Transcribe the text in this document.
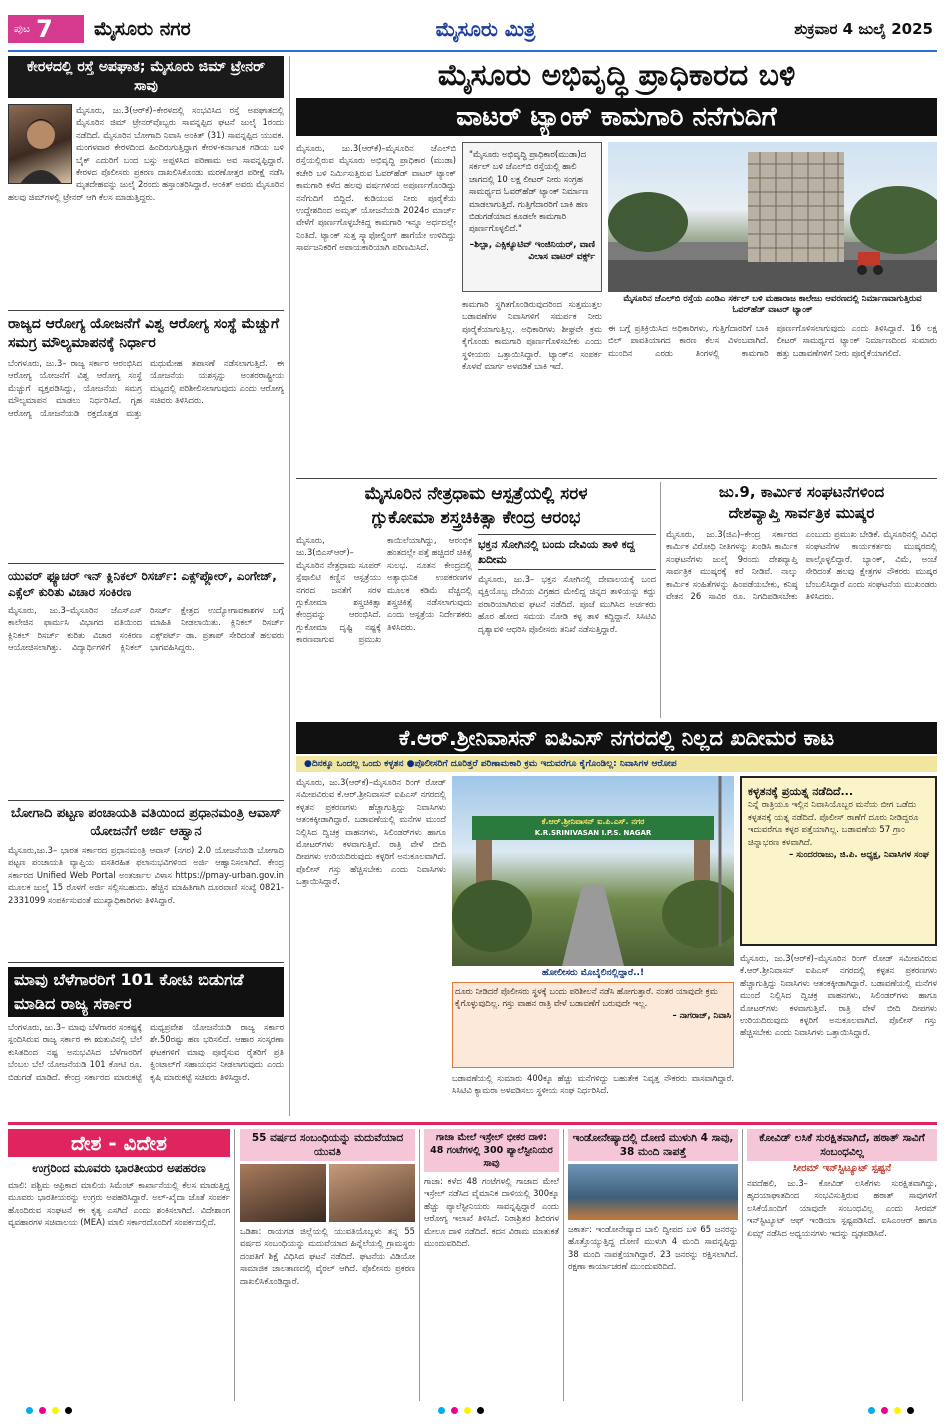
ಪುಟ 7 ಮೈಸೂರು ನಗರ	ಮೈಸೂರು ಮಿತ್ರ	ಶುಕ್ರವಾರ 4 ಜುಲೈ 2025
ಕೇರಳದಲ್ಲಿ ರಸ್ತೆ ಅಪಘಾತ; ಮೈಸೂರು ಜಿಮ್ ಟ್ರೇನರ್ ಸಾವು
ಮೈಸೂರು, ಜು.3(ಆರ್‌ಕೆ)–ಕೇರಳದಲ್ಲಿ ಸಂಭವಿಸಿದ ರಸ್ತೆ ಅಪಘಾತದಲ್ಲಿ ಮೈಸೂರಿನ ಜಿಮ್ ಟ್ರೇನರ್‌ವೊಬ್ಬರು ಸಾವನ್ನಪ್ಪಿದ ಘಟನೆ ಜುಲೈ 1ರಂದು ನಡೆದಿದೆ. ಮೈಸೂರಿನ ಬೋಗಾದಿ ನಿವಾಸಿ ಅಂಕಿತ್ (31) ಸಾವನ್ನಪ್ಪಿದ ಯುವಕ. ಮಂಗಳವಾರ ಕೇರಳದಿಂದ ಹಿಂದಿರುಗುತ್ತಿದ್ದಾಗ ಕೇರಳ-ಕರ್ನಾಟಕ ಗಡಿಯ ಬಳಿ ಬೈಕ್ ಎದುರಿಗೆ ಬಂದ ಬಸ್ಸು ಅಪ್ಪಳಿಸಿದ ಪರಿಣಾಮ ಅವ ಸಾವನ್ನಪ್ಪಿದ್ದಾರೆ. ಕೇರಳದ ಪೊಲೀಸರು ಪ್ರಕರಣ ದಾಖಲಿಸಿಕೊಂಡು ಮರಣೋತ್ತರ ಪರೀಕ್ಷೆ ನಡೆಸಿ ಮೃತದೇಹವನ್ನು ಜುಲೈ 2ರಂದು ಹಸ್ತಾಂತರಿಸಿದ್ದಾರೆ. ಅಂಕಿತ್ ಅವರು ಮೈಸೂರಿನ ಹಲವು ಜಿಮ್‌ಗಳಲ್ಲಿ ಟ್ರೇನರ್ ಆಗಿ ಕೆಲಸ ಮಾಡುತ್ತಿದ್ದರು.
ರಾಜ್ಯದ ಆರೋಗ್ಯ ಯೋಜನೆಗೆ ವಿಶ್ವ ಆರೋಗ್ಯ ಸಂಸ್ಥೆ ಮೆಚ್ಚುಗೆ ಸಮಗ್ರ ಮೌಲ್ಯಮಾಪನಕ್ಕೆ ನಿರ್ಧಾರ
ಬೆಂಗಳೂರು, ಜು.3– ರಾಜ್ಯ ಸರ್ಕಾರ ಆರಂಭಿಸಿದ ಆರೋಗ್ಯ ಯೋಜನೆಗೆ ವಿಶ್ವ ಆರೋಗ್ಯ ಸಂಸ್ಥೆ ಮೆಚ್ಚುಗೆ ವ್ಯಕ್ತಪಡಿಸಿದ್ದು, ಯೋಜನೆಯ ಸಮಗ್ರ ಮೌಲ್ಯಮಾಪನ ಮಾಡಲು ನಿರ್ಧರಿಸಿದೆ. ಗೃಹ ಆರೋಗ್ಯ ಯೋಜನೆಯಡಿ ರಕ್ತದೊತ್ತಡ ಮತ್ತು ಮಧುಮೇಹ ತಪಾಸಣೆ ನಡೆಸಲಾಗುತ್ತಿದೆ. ಈ ಯೋಜನೆಯ ಯಶಸ್ಸನ್ನು ಅಂತರರಾಷ್ಟ್ರೀಯ ಮಟ್ಟದಲ್ಲಿ ಪರಿಶೀಲಿಸಲಾಗುವುದು ಎಂದು ಆರೋಗ್ಯ ಸಚಿವರು ತಿಳಿಸಿದರು.
ಯುವರ್ ಫ್ಯೂಚರ್ ಇನ್ ಕ್ಲಿನಿಕಲ್ ರಿಸರ್ಚ್: ಎಕ್ಸ್‌ಪ್ಲೋರ್, ಎಂಗೇಜ್, ಎಕ್ಸೆಲ್ ಕುರಿತು ವಿಚಾರ ಸಂಕಿರಣ
ಮೈಸೂರು, ಜು.3–ಮೈಸೂರಿನ ಜೆಎಸ್‌ಎಸ್ ಕಾಲೇಜಿನ ಫಾರ್ಮಸಿ ವಿಭಾಗದ ವತಿಯಿಂದ ಕ್ಲಿನಿಕಲ್ ರಿಸರ್ಚ್ ಕುರಿತು ವಿಚಾರ ಸಂಕಿರಣ ಆಯೋಜಿಸಲಾಗಿತ್ತು. ವಿದ್ಯಾರ್ಥಿಗಳಿಗೆ ಕ್ಲಿನಿಕಲ್ ರಿಸರ್ಚ್ ಕ್ಷೇತ್ರದ ಉದ್ಯೋಗಾವಕಾಶಗಳ ಬಗ್ಗೆ ಮಾಹಿತಿ ನೀಡಲಾಯಿತು. ಕ್ಲಿನಿಕಲ್ ರಿಸರ್ಚ್ ಎಕ್ಸ್‌ಪರ್ಟ್ ಡಾ. ಪ್ರತಾಪ್ ಸೇರಿದಂತೆ ಹಲವರು ಭಾಗವಹಿಸಿದ್ದರು.
ಬೋಗಾದಿ ಪಟ್ಟಣ ಪಂಚಾಯತಿ ವತಿಯಿಂದ ಪ್ರಧಾನಮಂತ್ರಿ ಆವಾಸ್ ಯೋಜನೆಗೆ ಅರ್ಜಿ ಆಹ್ವಾನ
ಮೈಸೂರು,ಜು.3– ಭಾರತ ಸರ್ಕಾರದ ಪ್ರಧಾನಮಂತ್ರಿ ಆವಾಸ್ (ನಗರ) 2.0 ಯೋಜನೆಯಡಿ ಬೋಗಾದಿ ಪಟ್ಟಣ ಪಂಚಾಯತಿ ವ್ಯಾಪ್ತಿಯ ವಸತಿರಹಿತ ಫಲಾನುಭವಿಗಳಿಂದ ಅರ್ಜಿ ಆಹ್ವಾನಿಸಲಾಗಿದೆ. ಕೇಂದ್ರ ಸರ್ಕಾರದ Unified Web Portal ಅಂತರ್ಜಾಲ ವಿಳಾಸ https://pmay-urban.gov.in ಮೂಲಕ ಜುಲೈ 15 ರೊಳಗೆ ಅರ್ಜಿ ಸಲ್ಲಿಸಬಹುದು. ಹೆಚ್ಚಿನ ಮಾಹಿತಿಗಾಗಿ ದೂರವಾಣಿ ಸಂಖ್ಯೆ 0821-2331099 ಸಂಪರ್ಕಿಸುವಂತೆ ಮುಖ್ಯಾಧಿಕಾರಿಗಳು ತಿಳಿಸಿದ್ದಾರೆ.
ಮಾವು ಬೆಳೆಗಾರರಿಗೆ 101 ಕೋಟಿ ಬಿಡುಗಡೆ ಮಾಡಿದ ರಾಜ್ಯ ಸರ್ಕಾರ
ಬೆಂಗಳೂರು, ಜು.3– ಮಾವು ಬೆಳೆಗಾರರ ಸಂಕಷ್ಟಕ್ಕೆ ಸ್ಪಂದಿಸಿರುವ ರಾಜ್ಯ ಸರ್ಕಾರ ಈ ಋತುವಿನಲ್ಲಿ ಬೆಲೆ ಕುಸಿತದಿಂದ ನಷ್ಟ ಅನುಭವಿಸಿದ ಬೆಳೆಗಾರರಿಗೆ ಬೆಂಬಲ ಬೆಲೆ ಯೋಜನೆಯಡಿ 101 ಕೋಟಿ ರೂ. ಬಿಡುಗಡೆ ಮಾಡಿದೆ. ಕೇಂದ್ರ ಸರ್ಕಾರದ ಮಾರುಕಟ್ಟೆ ಮಧ್ಯಪ್ರವೇಶ ಯೋಜನೆಯಡಿ ರಾಜ್ಯ ಸರ್ಕಾರ ಶೇ.50ರಷ್ಟು ಹಣ ಭರಿಸಲಿದೆ. ಆಹಾರ ಸಂಸ್ಕರಣಾ ಘಟಕಗಳಿಗೆ ಮಾವು ಪೂರೈಸುವ ರೈತರಿಗೆ ಪ್ರತಿ ಕ್ವಿಂಟಾಲ್‌ಗೆ ಸಹಾಯಧನ ನೀಡಲಾಗುವುದು ಎಂದು ಕೃಷಿ ಮಾರುಕಟ್ಟೆ ಸಚಿವರು ತಿಳಿಸಿದ್ದಾರೆ.
ಮೈಸೂರು ಅಭಿವೃದ್ಧಿ ಪ್ರಾಧಿಕಾರದ ಬಳಿ
ವಾಟರ್ ಟ್ಯಾಂಕ್ ಕಾಮಗಾರಿ ನನೆಗುದಿಗೆ
ಮೈಸೂರು, ಜು.3(ಆರ್‌ಕೆ)–ಮೈಸೂರಿನ ಜೆಎಲ್‌ಬಿ ರಸ್ತೆಯಲ್ಲಿರುವ ಮೈಸೂರು ಅಭಿವೃದ್ಧಿ ಪ್ರಾಧಿಕಾರ (ಮುಡಾ) ಕಚೇರಿ ಬಳಿ ನಿರ್ಮಿಸುತ್ತಿರುವ ಓವರ್‌ಹೆಡ್ ವಾಟರ್ ಟ್ಯಾಂಕ್ ಕಾಮಗಾರಿ ಕಳೆದ ಹಲವು ವರ್ಷಗಳಿಂದ ಅಪೂರ್ಣಗೊಂಡಿದ್ದು ನನೆಗುದಿಗೆ ಬಿದ್ದಿದೆ. ಕುಡಿಯುವ ನೀರು ಪೂರೈಕೆಯ ಉದ್ದೇಶದಿಂದ ಅಮೃತ್ ಯೋಜನೆಯಡಿ 2024ರ ಮಾರ್ಚ್ ವೇಳೆಗೆ ಪೂರ್ಣಗೊಳ್ಳಬೇಕಿದ್ದ ಕಾಮಗಾರಿ ಇನ್ನೂ ಅರ್ಧದಲ್ಲೇ ನಿಂತಿದೆ. ಟ್ಯಾಂಕ್ ಸುತ್ತ ಸ್ಕ್ಯಾಫೋಲ್ಡಿಂಗ್ ಹಾಗೆಯೇ ಉಳಿದಿದ್ದು ಸಾರ್ವಜನಿಕರಿಗೆ ಅಪಾಯಕಾರಿಯಾಗಿ ಪರಿಣಮಿಸಿದೆ.
"ಮೈಸೂರು ಅಭಿವೃದ್ಧಿ ಪ್ರಾಧಿಕಾರ(ಮುಡಾ)ದ ಸರ್ಕಲ್ ಬಳಿ ಜೆಎಲ್‌ಬಿ ರಸ್ತೆಯಲ್ಲಿ ಹಾಲಿ ಜಾಗದಲ್ಲಿ 10 ಲಕ್ಷ ಲೀಟರ್ ನೀರು ಸಂಗ್ರಹ ಸಾಮರ್ಥ್ಯದ ಓವರ್‌ಹೆಡ್ ಟ್ಯಾಂಕ್ ನಿರ್ಮಾಣ ಮಾಡಲಾಗುತ್ತಿದೆ. ಗುತ್ತಿಗೆದಾರರಿಗೆ ಬಾಕಿ ಹಣ ಬಿಡುಗಡೆಯಾದ ಕೂಡಲೇ ಕಾಮಗಾರಿ ಪೂರ್ಣಗೊಳ್ಳಲಿದೆ."
–ಶಿಲ್ಪಾ, ಎಕ್ಸಿಕ್ಯೂಟಿವ್ ಇಂಜಿನಿಯರ್, ವಾಣಿ ವಿಲಾಸ ವಾಟರ್ ವರ್ಕ್ಸ್
ಕಾಮಗಾರಿ ಸ್ಥಗಿತಗೊಂಡಿರುವುದರಿಂದ ಸುತ್ತಮುತ್ತಲ ಬಡಾವಣೆಗಳ ನಿವಾಸಿಗಳಿಗೆ ಸಮರ್ಪಕ ನೀರು ಪೂರೈಕೆಯಾಗುತ್ತಿಲ್ಲ. ಅಧಿಕಾರಿಗಳು ಶೀಘ್ರವೇ ಕ್ರಮ ಕೈಗೊಂಡು ಕಾಮಗಾರಿ ಪೂರ್ಣಗೊಳಿಸಬೇಕು ಎಂದು ಸ್ಥಳೀಯರು ಒತ್ತಾಯಿಸಿದ್ದಾರೆ. ಟ್ಯಾಂಕ್‌ನ ಸಂಪರ್ಕ ಕೊಳವೆ ಮಾರ್ಗ ಅಳವಡಿಕೆ ಬಾಕಿ ಇದೆ.
ಮೈಸೂರಿನ ಜೆಎಲ್‌ಬಿ ರಸ್ತೆಯ ಎಂಡಿಎ ಸರ್ಕಲ್ ಬಳಿ ಮಹಾರಾಜ ಕಾಲೇಜು ಆವರಣದಲ್ಲಿ ನಿರ್ಮಾಣವಾಗುತ್ತಿರುವ ಓವರ್‌ಹೆಡ್ ವಾಟರ್ ಟ್ಯಾಂಕ್
ಈ ಬಗ್ಗೆ ಪ್ರತಿಕ್ರಿಯಿಸಿದ ಅಧಿಕಾರಿಗಳು, ಗುತ್ತಿಗೆದಾರರಿಗೆ ಬಾಕಿ ಬಿಲ್ ಪಾವತಿಯಾಗದ ಕಾರಣ ಕೆಲಸ ವಿಳಂಬವಾಗಿದೆ. ಮುಂದಿನ ಎರಡು ತಿಂಗಳಲ್ಲಿ ಕಾಮಗಾರಿ ಪೂರ್ಣಗೊಳಿಸಲಾಗುವುದು ಎಂದು ತಿಳಿಸಿದ್ದಾರೆ. 16 ಲಕ್ಷ ಲೀಟರ್ ಸಾಮರ್ಥ್ಯದ ಟ್ಯಾಂಕ್ ನಿರ್ಮಾಣದಿಂದ ಸುಮಾರು ಹತ್ತು ಬಡಾವಣೆಗಳಿಗೆ ನೀರು ಪೂರೈಕೆಯಾಗಲಿದೆ.
ಮೈಸೂರಿನ ನೇತ್ರಧಾಮ ಆಸ್ಪತ್ರೆಯಲ್ಲಿ ಸರಳ
ಗ್ಲುಕೋಮಾ ಶಸ್ತ್ರಚಿಕಿತ್ಸಾ ಕೇಂದ್ರ ಆರಂಭ
ಮೈಸೂರು, ಜು.3(ಬಿಎಸ್‌ಆರ್)– ಮೈಸೂರಿನ ನೇತ್ರಧಾಮ ಸೂಪರ್ ಸ್ಪೆಷಾಲಿಟಿ ಕಣ್ಣಿನ ಆಸ್ಪತ್ರೆಯು ನಗರದ ಜನತೆಗೆ ಸರಳ ಗ್ಲುಕೋಮಾ ಶಸ್ತ್ರಚಿಕಿತ್ಸಾ ಕೇಂದ್ರವನ್ನು ಆರಂಭಿಸಿದೆ. ಗ್ಲುಕೋಮಾ ದೃಷ್ಟಿ ನಷ್ಟಕ್ಕೆ ಕಾರಣವಾಗುವ ಪ್ರಮುಖ ಕಾಯಿಲೆಯಾಗಿದ್ದು, ಆರಂಭಿಕ ಹಂತದಲ್ಲೇ ಪತ್ತೆ ಹಚ್ಚಿದರೆ ಚಿಕಿತ್ಸೆ ಸುಲಭ. ನೂತನ ಕೇಂದ್ರದಲ್ಲಿ ಅತ್ಯಾಧುನಿಕ ಉಪಕರಣಗಳ ಮೂಲಕ ಕಡಿಮೆ ವೆಚ್ಚದಲ್ಲಿ ಶಸ್ತ್ರಚಿಕಿತ್ಸೆ ನಡೆಸಲಾಗುವುದು ಎಂದು ಆಸ್ಪತ್ರೆಯ ನಿರ್ದೇಶಕರು ತಿಳಿಸಿದರು.
ಭಕ್ತನ ಸೋಗಿನಲ್ಲಿ ಬಂದು ದೇವಿಯ ತಾಳಿ ಕದ್ದ ಖದೀಮ
ಮೈಸೂರು, ಜು.3– ಭಕ್ತನ ಸೋಗಿನಲ್ಲಿ ದೇವಾಲಯಕ್ಕೆ ಬಂದ ವ್ಯಕ್ತಿಯೊಬ್ಬ ದೇವಿಯ ವಿಗ್ರಹದ ಮೇಲಿದ್ದ ಚಿನ್ನದ ತಾಳಿಯನ್ನು ಕದ್ದು ಪರಾರಿಯಾಗಿರುವ ಘಟನೆ ನಡೆದಿದೆ. ಪೂಜೆ ಮುಗಿಸಿದ ಅರ್ಚಕರು ಹೊರ ಹೋದ ಸಮಯ ನೋಡಿ ಕಳ್ಳ ತಾಳಿ ಕದ್ದಿದ್ದಾನೆ. ಸಿಸಿಟಿವಿ ದೃಶ್ಯಾವಳಿ ಆಧರಿಸಿ ಪೊಲೀಸರು ತನಿಖೆ ನಡೆಸುತ್ತಿದ್ದಾರೆ.
ಜು.9, ಕಾರ್ಮಿಕ ಸಂಘಟನೆಗಳಿಂದ
ದೇಶವ್ಯಾಪ್ತಿ ಸಾರ್ವತ್ರಿಕ ಮುಷ್ಕರ
ಮೈಸೂರು, ಜು.3(ಜಿಎ)–ಕೇಂದ್ರ ಸರ್ಕಾರದ ಕಾರ್ಮಿಕ ವಿರೋಧಿ ನೀತಿಗಳನ್ನು ಖಂಡಿಸಿ ಕಾರ್ಮಿಕ ಸಂಘಟನೆಗಳು ಜುಲೈ 9ರಂದು ದೇಶವ್ಯಾಪ್ತಿ ಸಾರ್ವತ್ರಿಕ ಮುಷ್ಕರಕ್ಕೆ ಕರೆ ನೀಡಿವೆ. ನಾಲ್ಕು ಕಾರ್ಮಿಕ ಸಂಹಿತೆಗಳನ್ನು ಹಿಂಪಡೆಯಬೇಕು, ಕನಿಷ್ಠ ವೇತನ 26 ಸಾವಿರ ರೂ. ನಿಗದಿಪಡಿಸಬೇಕು ಎಂಬುದು ಪ್ರಮುಖ ಬೇಡಿಕೆ. ಮೈಸೂರಿನಲ್ಲಿ ವಿವಿಧ ಸಂಘಟನೆಗಳ ಕಾರ್ಯಕರ್ತರು ಮುಷ್ಕರದಲ್ಲಿ ಪಾಲ್ಗೊಳ್ಳಲಿದ್ದಾರೆ. ಬ್ಯಾಂಕ್, ವಿಮೆ, ಅಂಚೆ ಸೇರಿದಂತೆ ಹಲವು ಕ್ಷೇತ್ರಗಳ ನೌಕರರು ಮುಷ್ಕರ ಬೆಂಬಲಿಸಿದ್ದಾರೆ ಎಂದು ಸಂಘಟನೆಯ ಮುಖಂಡರು ತಿಳಿಸಿದರು.
ಕೆ.ಆರ್.ಶ್ರೀನಿವಾಸನ್ ಐಪಿಎಸ್ ನಗರದಲ್ಲಿ ನಿಲ್ಲದ ಖದೀಮರ ಕಾಟ
●ದಿನಕ್ಕೂ ಒಂದಲ್ಲ ಒಂದು ಕಳ್ಳತನ ●ಪೊಲೀಸರಿಗೆ ದೂರಿತ್ತರೆ ಪರಿಣಾಮಕಾರಿ ಕ್ರಮ ಇದುವರೆಗೂ ಕೈಗೊಂಡಿಲ್ಲ: ನಿವಾಸಿಗಳ ಆರೋಪ
ಮೈಸೂರು, ಜು.3(ಆರ್‌ಕೆ)–ಮೈಸೂರಿನ ರಿಂಗ್ ರೋಡ್ ಸಮೀಪವಿರುವ ಕೆ.ಆರ್.ಶ್ರೀನಿವಾಸನ್ ಐಪಿಎಸ್ ನಗರದಲ್ಲಿ ಕಳ್ಳತನ ಪ್ರಕರಣಗಳು ಹೆಚ್ಚಾಗುತ್ತಿದ್ದು ನಿವಾಸಿಗಳು ಆತಂಕಕ್ಕೀಡಾಗಿದ್ದಾರೆ. ಬಡಾವಣೆಯಲ್ಲಿ ಮನೆಗಳ ಮುಂದೆ ನಿಲ್ಲಿಸಿದ ದ್ವಿಚಕ್ರ ವಾಹನಗಳು, ಸಿಲಿಂಡರ್‌ಗಳು ಹಾಗೂ ಮೋಟರ್‌ಗಳು ಕಳವಾಗುತ್ತಿವೆ. ರಾತ್ರಿ ವೇಳೆ ಬೀದಿ ದೀಪಗಳು ಉರಿಯದಿರುವುದು ಕಳ್ಳರಿಗೆ ಅನುಕೂಲವಾಗಿದೆ. ಪೊಲೀಸ್ ಗಸ್ತು ಹೆಚ್ಚಿಸಬೇಕು ಎಂದು ನಿವಾಸಿಗಳು ಒತ್ತಾಯಿಸಿದ್ದಾರೆ.
ಕೆ.ಆರ್.ಶ್ರೀನಿವಾಸನ್ ಐ.ಪಿ.ಎಸ್. ನಗರ
K.R.SRINIVASAN I.P.S. NAGAR
ಹೋಲೀಸರು ಮೊಬೈಲಿನಲ್ಲಿದ್ದಾರೆ..!
ದೂರು ನೀಡಿದರೆ ಪೊಲೀಸರು ಸ್ಥಳಕ್ಕೆ ಬಂದು ಪರಿಶೀಲನೆ ನಡೆಸಿ ಹೋಗುತ್ತಾರೆ. ನಂತರ ಯಾವುದೇ ಕ್ರಮ ಕೈಗೊಳ್ಳುವುದಿಲ್ಲ. ಗಸ್ತು ವಾಹನ ರಾತ್ರಿ ವೇಳೆ ಬಡಾವಣೆಗೆ ಬರುವುದೇ ಇಲ್ಲ.
– ನಾಗರಾಜ್, ನಿವಾಸಿ
ಬಡಾವಣೆಯಲ್ಲಿ ಸುಮಾರು 400ಕ್ಕೂ ಹೆಚ್ಚು ಮನೆಗಳಿದ್ದು ಬಹುತೇಕ ನಿವೃತ್ತ ನೌಕರರು ವಾಸವಾಗಿದ್ದಾರೆ. ಸಿಸಿಟಿವಿ ಕ್ಯಾಮರಾ ಅಳವಡಿಸಲು ಸ್ಥಳೀಯ ಸಂಘ ನಿರ್ಧರಿಸಿದೆ.
ಕಳ್ಳತನಕ್ಕೆ ಪ್ರಯತ್ನ ನಡೆದಿದೆ...
ನಿನ್ನೆ ರಾತ್ರಿಯೂ ಇಲ್ಲಿನ ನಿವಾಸಿಯೊಬ್ಬರ ಮನೆಯ ಬೀಗ ಒಡೆದು ಕಳ್ಳತನಕ್ಕೆ ಯತ್ನ ನಡೆದಿದೆ. ಪೊಲೀಸ್ ಠಾಣೆಗೆ ದೂರು ನೀಡಿದ್ದರೂ ಇದುವರೆಗೂ ಕಳ್ಳರ ಪತ್ತೆಯಾಗಿಲ್ಲ. ಬಡಾವಣೆಯ 57 ಗ್ರಾಂ ಚಿನ್ನಾಭರಣ ಕಳವಾಗಿದೆ.
– ಸುಂದರರಾಜು, ಜಿ.ಪಿ. ಅಧ್ಯಕ್ಷ, ನಿವಾಸಿಗಳ ಸಂಘ
ಮೈಸೂರು, ಜು.3(ಆರ್‌ಕೆ)–ಮೈಸೂರಿನ ರಿಂಗ್ ರೋಡ್ ಸಮೀಪವಿರುವ ಕೆ.ಆರ್.ಶ್ರೀನಿವಾಸನ್ ಐಪಿಎಸ್ ನಗರದಲ್ಲಿ ಕಳ್ಳತನ ಪ್ರಕರಣಗಳು ಹೆಚ್ಚಾಗುತ್ತಿದ್ದು ನಿವಾಸಿಗಳು ಆತಂಕಕ್ಕೀಡಾಗಿದ್ದಾರೆ. ಬಡಾವಣೆಯಲ್ಲಿ ಮನೆಗಳ ಮುಂದೆ ನಿಲ್ಲಿಸಿದ ದ್ವಿಚಕ್ರ ವಾಹನಗಳು, ಸಿಲಿಂಡರ್‌ಗಳು ಹಾಗೂ ಮೋಟರ್‌ಗಳು ಕಳವಾಗುತ್ತಿವೆ. ರಾತ್ರಿ ವೇಳೆ ಬೀದಿ ದೀಪಗಳು ಉರಿಯದಿರುವುದು ಕಳ್ಳರಿಗೆ ಅನುಕೂಲವಾಗಿದೆ. ಪೊಲೀಸ್ ಗಸ್ತು ಹೆಚ್ಚಿಸಬೇಕು ಎಂದು ನಿವಾಸಿಗಳು ಒತ್ತಾಯಿಸಿದ್ದಾರೆ.
ದೇಶ - ವಿದೇಶ
ಉಗ್ರರಿಂದ ಮೂವರು ಭಾರತೀಯರ ಅಪಹರಣ
ಮಾಲಿ: ಪಶ್ಚಿಮ ಆಫ್ರಿಕಾದ ಮಾಲಿಯ ಸಿಮೆಂಟ್ ಕಾರ್ಖಾನೆಯಲ್ಲಿ ಕೆಲಸ ಮಾಡುತ್ತಿದ್ದ ಮೂವರು ಭಾರತೀಯರನ್ನು ಉಗ್ರರು ಅಪಹರಿಸಿದ್ದಾರೆ. ಅಲ್‌-ಖೈದಾ ಜೊತೆ ಸಂಪರ್ಕ ಹೊಂದಿರುವ ಸಂಘಟನೆ ಈ ಕೃತ್ಯ ಎಸಗಿದೆ ಎಂದು ಶಂಕಿಸಲಾಗಿದೆ. ವಿದೇಶಾಂಗ ವ್ಯವಹಾರಗಳ ಸಚಿವಾಲಯ (MEA) ಮಾಲಿ ಸರ್ಕಾರದೊಂದಿಗೆ ಸಂಪರ್ಕದಲ್ಲಿದೆ.
55 ವರ್ಷದ ಸಂಬಂಧಿಯನ್ನು ಮದುವೆಯಾದ ಯುವತಿ
ಒಡಿಶಾ: ರಾಯಗಡ ಜಿಲ್ಲೆಯಲ್ಲಿ ಯುವತಿಯೊಬ್ಬಳು ತನ್ನ 55 ವರ್ಷದ ಸಂಬಂಧಿಯನ್ನು ಮದುವೆಯಾದ ಹಿನ್ನೆಲೆಯಲ್ಲಿ ಗ್ರಾಮಸ್ಥರು ದಂಪತಿಗೆ ಶಿಕ್ಷೆ ವಿಧಿಸಿದ ಘಟನೆ ನಡೆದಿದೆ. ಘಟನೆಯ ವಿಡಿಯೋ ಸಾಮಾಜಿಕ ಜಾಲತಾಣದಲ್ಲಿ ವೈರಲ್ ಆಗಿದೆ. ಪೊಲೀಸರು ಪ್ರಕರಣ ದಾಖಲಿಸಿಕೊಂಡಿದ್ದಾರೆ.
ಗಾಜಾ ಮೇಲೆ ಇಸ್ರೇಲ್ ಭೀಕರ ದಾಳಿ: 48 ಗಂಟೆಗಳಲ್ಲಿ 300 ಪ್ಯಾಲೆಸ್ಟೀನಿಯರ ಸಾವು
ಗಾಜಾ: ಕಳೆದ 48 ಗಂಟೆಗಳಲ್ಲಿ ಗಾಜಾದ ಮೇಲೆ ಇಸ್ರೇಲ್ ನಡೆಸಿದ ವೈಮಾನಿಕ ದಾಳಿಯಲ್ಲಿ 300ಕ್ಕೂ ಹೆಚ್ಚು ಪ್ಯಾಲೆಸ್ಟೀನಿಯರು ಸಾವನ್ನಪ್ಪಿದ್ದಾರೆ ಎಂದು ಆರೋಗ್ಯ ಇಲಾಖೆ ತಿಳಿಸಿದೆ. ನಿರಾಶ್ರಿತರ ಶಿಬಿರಗಳ ಮೇಲೂ ದಾಳಿ ನಡೆದಿದೆ. ಕದನ ವಿರಾಮ ಮಾತುಕತೆ ಮುಂದುವರಿದಿದೆ.
ಇಂಡೋನೇಷ್ಯಾದಲ್ಲಿ ದೋಣಿ ಮುಳುಗಿ 4 ಸಾವು, 38 ಮಂದಿ ನಾಪತ್ತೆ
ಜಕಾರ್ತ: ಇಂಡೋನೇಷ್ಯಾದ ಬಾಲಿ ದ್ವೀಪದ ಬಳಿ 65 ಜನರನ್ನು ಹೊತ್ತೊಯ್ಯುತ್ತಿದ್ದ ದೋಣಿ ಮುಳುಗಿ 4 ಮಂದಿ ಸಾವನ್ನಪ್ಪಿದ್ದು 38 ಮಂದಿ ನಾಪತ್ತೆಯಾಗಿದ್ದಾರೆ. 23 ಜನರನ್ನು ರಕ್ಷಿಸಲಾಗಿದೆ. ರಕ್ಷಣಾ ಕಾರ್ಯಾಚರಣೆ ಮುಂದುವರಿದಿದೆ.
ಕೋವಿಡ್‌ ಲಸಿಕೆ ಸುರಕ್ಷಿತವಾಗಿದೆ, ಹಠಾತ್ ಸಾವಿಗೆ ಸಂಬಂಧವಿಲ್ಲ
ಸೀರಮ್ ಇನ್‌ಸ್ಟಿಟ್ಯೂಟ್ ಸ್ಪಷ್ಟನೆ
ನವದೆಹಲಿ, ಜು.3– ಕೋವಿಡ್ ಲಸಿಕೆಗಳು ಸುರಕ್ಷಿತವಾಗಿದ್ದು, ಹೃದಯಾಘಾತದಿಂದ ಸಂಭವಿಸುತ್ತಿರುವ ಹಠಾತ್ ಸಾವುಗಳಿಗೆ ಲಸಿಕೆಯೊಂದಿಗೆ ಯಾವುದೇ ಸಂಬಂಧವಿಲ್ಲ ಎಂದು ಸೀರಮ್ ಇನ್‌ಸ್ಟಿಟ್ಯೂಟ್ ಆಫ್ ಇಂಡಿಯಾ ಸ್ಪಷ್ಟಪಡಿಸಿದೆ. ಐಸಿಎಂಆರ್ ಹಾಗೂ ಏಮ್ಸ್ ನಡೆಸಿದ ಅಧ್ಯಯನಗಳು ಇದನ್ನು ದೃಢಪಡಿಸಿವೆ.
